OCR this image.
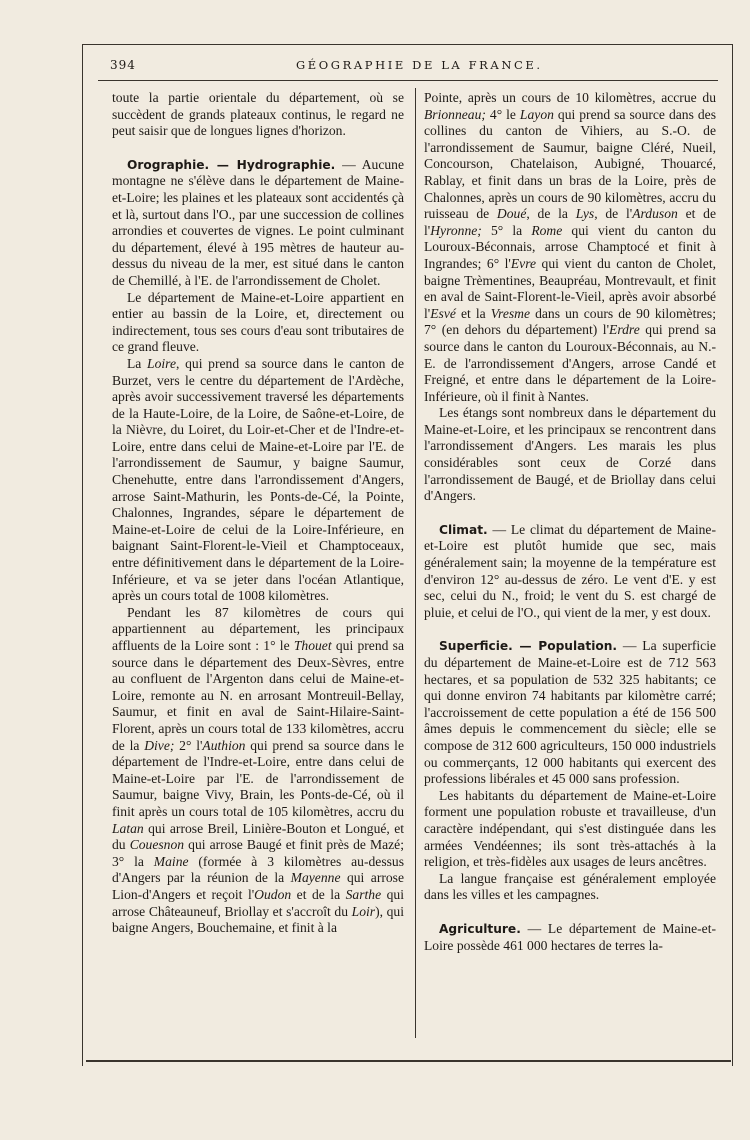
394	GÉOGRAPHIE DE LA FRANCE.

toute la partie orientale du département, où se succèdent de grands plateaux continus, le regard ne peut saisir que de longues lignes d'horizon.

Orographie. — Hydrographie. — Aucune montagne ne s'élève dans le département de Maine-et-Loire; les plaines et les plateaux sont accidentés çà et là, surtout dans l'O., par une succession de collines arrondies et couvertes de vignes. Le point culminant du département, élevé à 195 mètres de hauteur au-dessus du niveau de la mer, est situé dans le canton de Chemillé, à l'E. de l'arrondissement de Cholet.

Le département de Maine-et-Loire appartient en entier au bassin de la Loire, et, directement ou indirectement, tous ses cours d'eau sont tributaires de ce grand fleuve.

La Loire, qui prend sa source dans le canton de Burzet, vers le centre du département de l'Ardèche, après avoir successivement traversé les départements de la Haute-Loire, de la Loire, de Saône-et-Loire, de la Nièvre, du Loiret, du Loir-et-Cher et de l'Indre-et-Loire, entre dans celui de Maine-et-Loire par l'E. de l'arrondissement de Saumur, y baigne Saumur, Chenehutte, entre dans l'arrondissement d'Angers, arrose Saint-Mathurin, les Ponts-de-Cé, la Pointe, Chalonnes, Ingrandes, sépare le département de Maine-et-Loire de celui de la Loire-Inférieure, en baignant Saint-Florent-le-Vieil et Champtoceaux, entre définitivement dans le département de la Loire-Inférieure, et va se jeter dans l'océan Atlantique, après un cours total de 1008 kilomètres.

Pendant les 87 kilomètres de cours qui appartiennent au département, les principaux affluents de la Loire sont : 1° le Thouet qui prend sa source dans le département des Deux-Sèvres, entre au confluent de l'Argenton dans celui de Maine-et-Loire, remonte au N. en arrosant Montreuil-Bellay, Saumur, et finit en aval de Saint-Hilaire-Saint-Florent, après un cours total de 133 kilomètres, accru de la Dive; 2° l'Authion qui prend sa source dans le département de l'Indre-et-Loire, entre dans celui de Maine-et-Loire par l'E. de l'arrondissement de Saumur, baigne Vivy, Brain, les Ponts-de-Cé, où il finit après un cours total de 105 kilomètres, accru du Latan qui arrose Breil, Linière-Bouton et Longué, et du Couesnon qui arrose Baugé et finit près de Mazé; 3° la Maine (formée à 3 kilomètres au-dessus d'Angers par la réunion de la Mayenne qui arrose Lion-d'Angers et reçoit l'Oudon et de la Sarthe qui arrose Châteauneuf, Briollay et s'accroît du Loir), qui baigne Angers, Bouchemaine, et finit à la

Pointe, après un cours de 10 kilomètres, accrue du Brionneau; 4° le Layon qui prend sa source dans des collines du canton de Vihiers, au S.-O. de l'arrondissement de Saumur, baigne Cléré, Nueil, Concourson, Chatelaison, Aubigné, Thouarcé, Rablay, et finit dans un bras de la Loire, près de Chalonnes, après un cours de 90 kilomètres, accru du ruisseau de Doué, de la Lys, de l'Arduson et de l'Hyronne; 5° la Rome qui vient du canton du Louroux-Béconnais, arrose Champtocé et finit à Ingrandes; 6° l'Evre qui vient du canton de Cholet, baigne Trèmentines, Beaupréau, Montrevault, et finit en aval de Saint-Florent-le-Vieil, après avoir absorbé l'Esvé et la Vresme dans un cours de 90 kilomètres; 7° (en dehors du département) l'Erdre qui prend sa source dans le canton du Louroux-Béconnais, au N.-E. de l'arrondissement d'Angers, arrose Candé et Freigné, et entre dans le département de la Loire-Inférieure, où il finit à Nantes.

Les étangs sont nombreux dans le département du Maine-et-Loire, et les principaux se rencontrent dans l'arrondissement d'Angers. Les marais les plus considérables sont ceux de Corzé dans l'arrondissement de Baugé, et de Briollay dans celui d'Angers.

Climat. — Le climat du département de Maine-et-Loire est plutôt humide que sec, mais généralement sain; la moyenne de la température est d'environ 12° au-dessus de zéro. Le vent d'E. y est sec, celui du N., froid; le vent du S. est chargé de pluie, et celui de l'O., qui vient de la mer, y est doux.

Superficie. — Population. — La superficie du département de Maine-et-Loire est de 712 563 hectares, et sa population de 532 325 habitants; ce qui donne environ 74 habitants par kilomètre carré; l'accroissement de cette population a été de 156 500 âmes depuis le commencement du siècle; elle se compose de 312 600 agriculteurs, 150 000 industriels ou commerçants, 12 000 habitants qui exercent des professions libérales et 45 000 sans profession.

Les habitants du département de Maine-et-Loire forment une population robuste et travailleuse, d'un caractère indépendant, qui s'est distinguée dans les armées Vendéennes; ils sont très-attachés à la religion, et très-fidèles aux usages de leurs ancêtres.

La langue française est généralement employée dans les villes et les campagnes.

Agriculture. — Le département de Maine-et-Loire possède 461 000 hectares de terres la-
